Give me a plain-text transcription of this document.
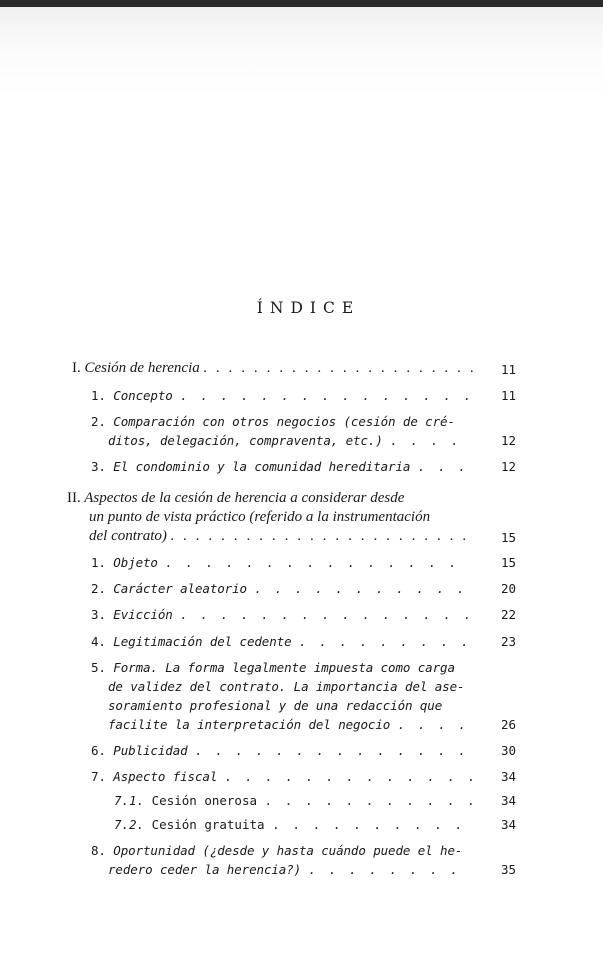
ÍNDICE
I. Cesión de herencia . . . . . . . . . . . . . . . . . . . . . .	11
1. Concepto . . . . . . . . . . . . . . .	11
2. Comparación con otros negocios (cesión de cré-
ditos, delegación, compraventa, etc.) . . . .	12
3. El condominio y la comunidad hereditaria . . .	12
II. Aspectos de la cesión de herencia a considerar desde
un punto de vista práctico (referido a la instrumentación
del contrato) . . . . . . . . . . . . . . . . . . . . . . . .	15
1. Objeto . . . . . . . . . . . . . . .	15
2. Carácter aleatorio . . . . . . . . . . .	20
3. Evicción . . . . . . . . . . . . . . .	22
4. Legitimación del cedente . . . . . . . . .	23
5. Forma. La forma legalmente impuesta como carga
de validez del contrato. La importancia del ase-
soramiento profesional y de una redacción que
facilite la interpretación del negocio . . . .	26
6. Publicidad . . . . . . . . . . . . . .	30
7. Aspecto fiscal . . . . . . . . . . . . .	34
7.1. Cesión onerosa . . . . . . . . . . .	34
7.2. Cesión gratuita . . . . . . . . . .	34
8. Oportunidad (¿desde y hasta cuándo puede el he-
redero ceder la herencia?) . . . . . . . .	35
